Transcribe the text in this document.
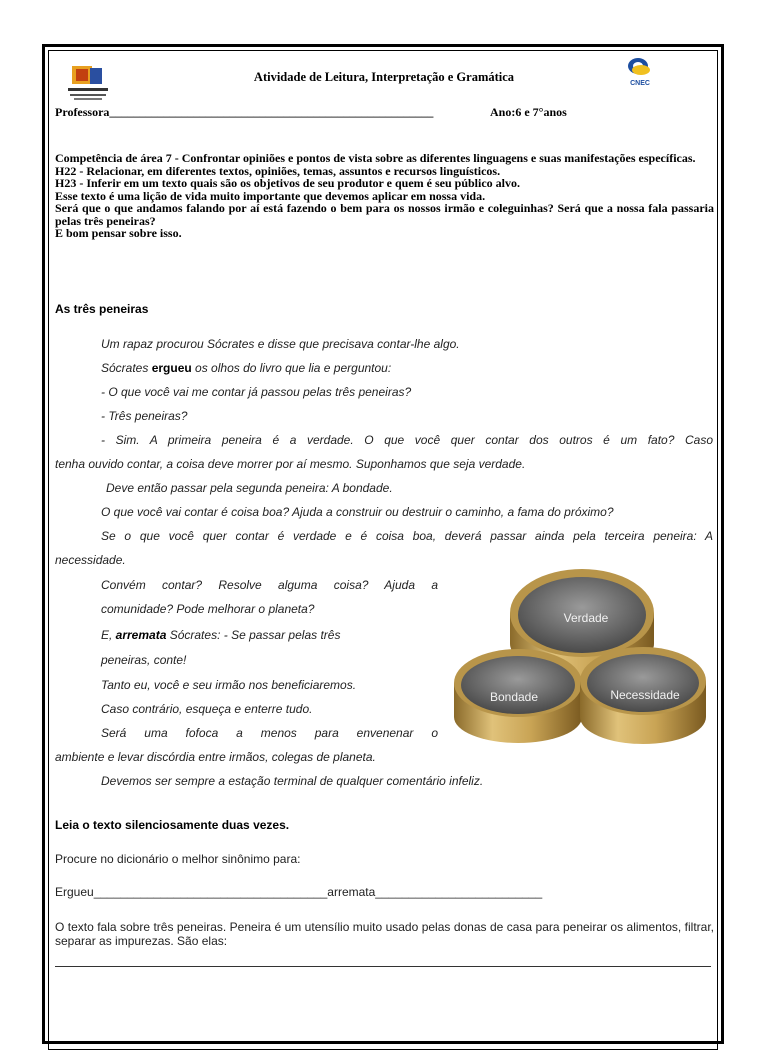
Atividade de Leitura, Interpretação e Gramática	CNEC
Professora______________________________________________________	Ano:6 e 7°anos

Competência de área 7 - Confrontar opiniões e pontos de vista sobre as diferentes linguagens e suas manifestações específicas.

H22 - Relacionar, em diferentes textos, opiniões, temas, assuntos e recursos linguísticos.

H23 - Inferir em um texto quais são os objetivos de seu produtor e quem é seu público alvo.

Esse texto é uma lição de vida muito importante que devemos aplicar em nossa vida.

Será que o que andamos falando por aí está fazendo o bem para os nossos irmão e coleguinhas? Será que a nossa fala passaria pelas três peneiras?

E bom pensar sobre isso.

As três peneiras
Um rapaz procurou Sócrates e disse que precisava contar-lhe algo.
Sócrates ergueu os olhos do livro que lia e perguntou:
- O que você vai me contar já passou pelas três peneiras?
- Três peneiras?
- Sim. A primeira peneira é a verdade. O que você quer contar dos outros é um fato? Caso
tenha ouvido contar, a coisa deve morrer por aí mesmo. Suponhamos que seja verdade.
Deve então passar pela segunda peneira: A bondade.
O que você vai contar é coisa boa? Ajuda a construir ou destruir o caminho, a fama do próximo?
Se o que você quer contar é verdade e é coisa boa, deverá passar ainda pela terceira peneira: A
necessidade.
Convém contar? Resolve alguma coisa? Ajuda a
comunidade? Pode melhorar o planeta?
E, arremata Sócrates: - Se passar pelas três
peneiras, conte!
Tanto eu, você e seu irmão nos beneficiaremos.
Caso contrário, esqueça e enterre tudo.
Será uma fofoca a menos para envenenar o
ambiente e levar discórdia entre irmãos, colegas de planeta.
Devemos ser sempre a estação terminal de qualquer comentário infeliz.
Verdade
Bondade	Necessidade
Leia o texto silenciosamente duas vezes.
Procure no dicionário o melhor sinônimo para:
Ergueu___________________________________arremata_________________________
O texto fala sobre três peneiras. Peneira é um utensílio muito usado pelas donas de casa para peneirar os alimentos, filtrar, separar as impurezas. São elas:
